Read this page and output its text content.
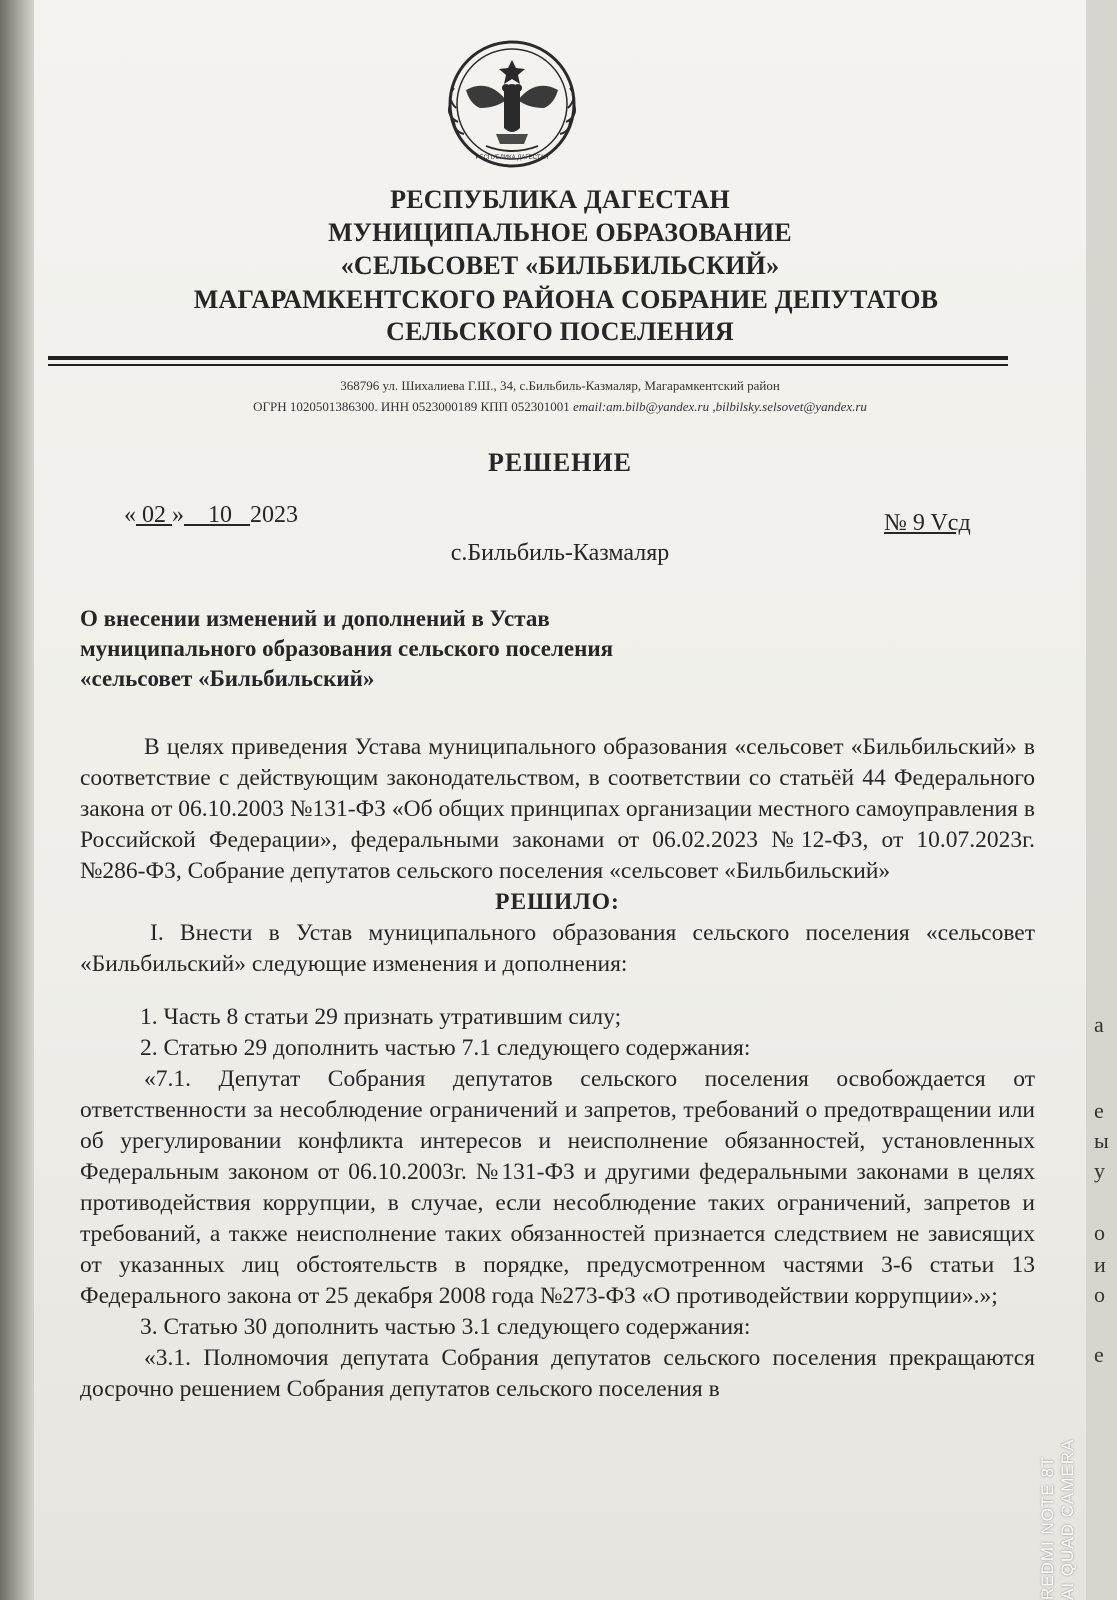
е
ы
у
о
и
о
е
а
РЕСПУБЛИКА ДАГЕСТАН
РЕСПУБЛИКА ДАГЕСТАН
МУНИЦИПАЛЬНОЕ ОБРАЗОВАНИЕ
«СЕЛЬСОВЕТ «БИЛЬБИЛЬСКИЙ»
МАГАРАМКЕНТСКОГО РАЙОНА СОБРАНИЕ ДЕПУТАТОВ
СЕЛЬСКОГО ПОСЕЛЕНИЯ
368796 ул. Шихалиева Г.Ш., 34, с.Бильбиль-Казмаляр, Магарамкентский район
ОГРН 1020501386300. ИНН 0523000189 КПП 052301001 email:am.bilb@yandex.ru ,bilbilsky.selsovet@yandex.ru
РЕШЕНИЕ
« 02 » 10 2023	№ 9 Vсд
с.Бильбиль-Казмаляр
О внесении изменений и дополнений в Устав
муниципального образования сельского поселения
«сельсовет «Бильбильский»

В целях приведения Устава муниципального образования «сельсовет «Бильбильский» в соответствие с действующим законодательством, в соответствии со статьёй 44 Федерального закона от 06.10.2003 №131-ФЗ «Об общих принципах организации местного самоуправления в Российской Федерации», федеральными законами от 06.02.2023 №12-ФЗ, от 10.07.2023г. №286-ФЗ, Собрание депутатов сельского поселения «сельсовет «Бильбильский»

РЕШИЛО:

I. Внести в Устав муниципального образования сельского поселения «сельсовет «Бильбильский» следующие изменения и дополнения:

1. Часть 8 статьи 29 признать утратившим силу;

2. Статью 29 дополнить частью 7.1 следующего содержания:

«7.1. Депутат Собрания депутатов сельского поселения освобождается от ответственности за несоблюдение ограничений и запретов, требований о предотвращении или об урегулировании конфликта интересов и неисполнение обязанностей, установленных Федеральным законом от 06.10.2003г. №131-ФЗ и другими федеральными законами в целях противодействия коррупции, в случае, если несоблюдение таких ограничений, запретов и требований, а также неисполнение таких обязанностей признается следствием не зависящих от указанных лиц обстоятельств в порядке, предусмотренном частями 3-6 статьи 13 Федерального закона от 25 декабря 2008 года №273-ФЗ «О противодействии коррупции».»;

3. Статью 30 дополнить частью 3.1 следующего содержания:

«3.1. Полномочия депутата Собрания депутатов сельского поселения прекращаются досрочно решением Собрания депутатов сельского поселения в

REDMI NOTE 8T
AI QUAD CAMERA
